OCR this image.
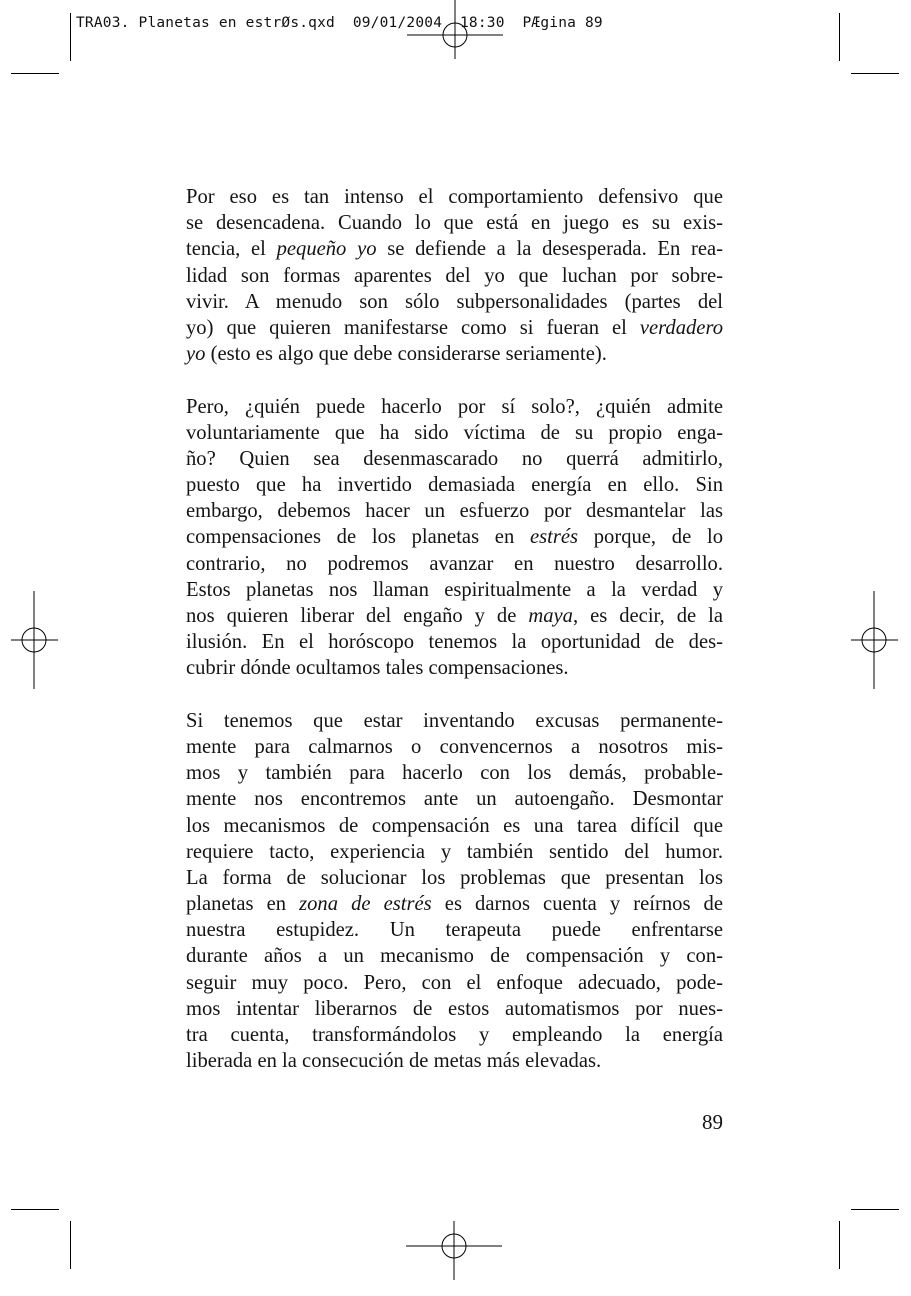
TRA03. Planetas en estrØs.qxd  09/01/2004  18:30  PÆgina 89
Por eso es tan intenso el comportamiento defensivo que
se desencadena. Cuando lo que está en juego es su exis-
tencia, el pequeño yo se defiende a la desesperada. En rea-
lidad son formas aparentes del yo que luchan por sobre-
vivir. A menudo son sólo subpersonalidades (partes del
yo) que quieren manifestarse como si fueran el verdadero
yo (esto es algo que debe considerarse seriamente).
Pero, ¿quién puede hacerlo por sí solo?, ¿quién admite
voluntariamente que ha sido víctima de su propio enga-
ño? Quien sea desenmascarado no querrá admitirlo,
puesto que ha invertido demasiada energía en ello. Sin
embargo, debemos hacer un esfuerzo por desmantelar las
compensaciones de los planetas en estrés porque, de lo
contrario, no podremos avanzar en nuestro desarrollo.
Estos planetas nos llaman espiritualmente a la verdad y
nos quieren liberar del engaño y de maya, es decir, de la
ilusión. En el horóscopo tenemos la oportunidad de des-
cubrir dónde ocultamos tales compensaciones.
Si tenemos que estar inventando excusas permanente-
mente para calmarnos o convencernos a nosotros mis-
mos y también para hacerlo con los demás, probable-
mente nos encontremos ante un autoengaño. Desmontar
los mecanismos de compensación es una tarea difícil que
requiere tacto, experiencia y también sentido del humor.
La forma de solucionar los problemas que presentan los
planetas en zona de estrés es darnos cuenta y reírnos de
nuestra estupidez. Un terapeuta puede enfrentarse
durante años a un mecanismo de compensación y con-
seguir muy poco. Pero, con el enfoque adecuado, pode-
mos intentar liberarnos de estos automatismos por nues-
tra cuenta, transformándolos y empleando la energía
liberada en la consecución de metas más elevadas.
89
